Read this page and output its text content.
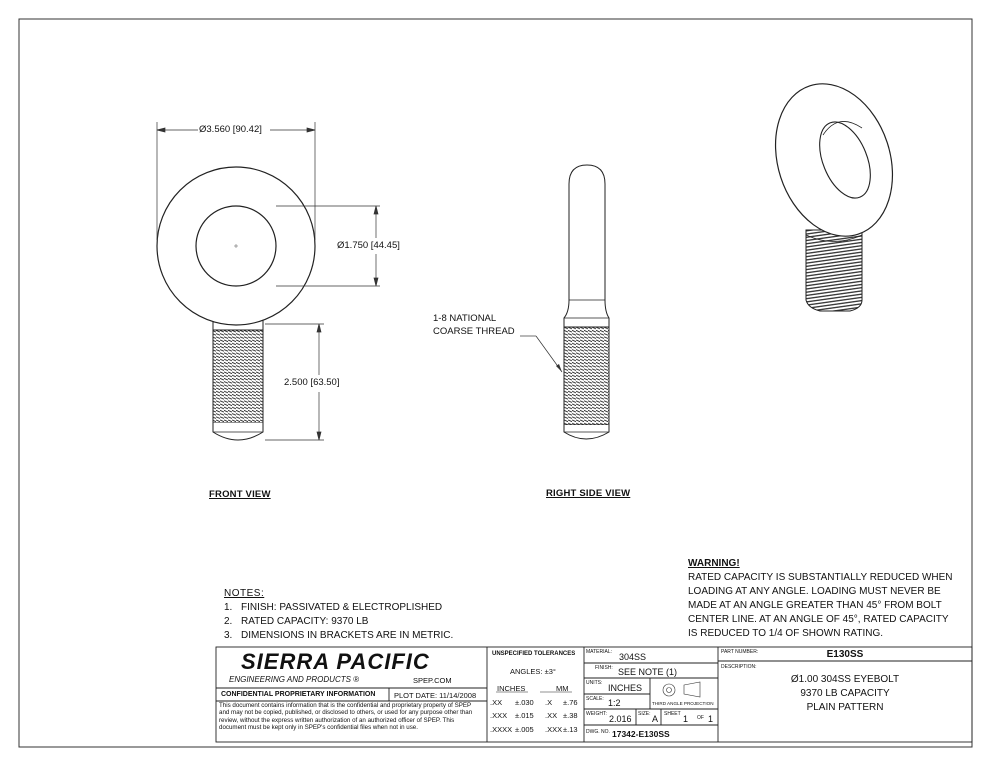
Ø3.560 [90.42]
Ø1.750 [44.45]
2.500 [63.50]
FRONT VIEW
1-8 NATIONAL
COARSE THREAD
RIGHT SIDE VIEW
NOTES:
1. FINISH: PASSIVATED & ELECTROPLISHED
2. RATED CAPACITY: 9370 LB
3. DIMENSIONS IN BRACKETS ARE IN METRIC.
WARNING!
RATED CAPACITY IS SUBSTANTIALLY REDUCED WHEN
LOADING AT ANY ANGLE. LOADING MUST NEVER BE
MADE AT AN ANGLE GREATER THAN 45° FROM BOLT
CENTER LINE. AT AN ANGLE OF 45°, RATED CAPACITY
IS REDUCED TO 1/4 OF SHOWN RATING.
SIERRA PACIFIC
ENGINEERING AND PRODUCTS ®	SPEP.COM
CONFIDENTIAL PROPRIETARY INFORMATION PLOT DATE: 11/14/2008
This document contains information that is the confidential and proprietary property of SPEP and may not be copied, published, or disclosed to others, or used for any purpose other than review, without the express written authorization of an authorized officer of SPEP. This document must be kept only in SPEP's confidential files when not in use.
UNSPECIFIED TOLERANCES
ANGLES: ±3°
INCHES	MM
.XX ±.030 .X ±.76
.XXX ±.015 .XX ±.38
.XXXX ±.005 .XXX ±.13
MATERIAL: 304SS
FINISH: SEE NOTE (1)
UNITS: INCHES
SCALE: 1:2	THIRD ANGLE PROJECTION
WEIGHT: 2.016 SIZE: A SHEET 1 OF 1
DWG. NO. 17342-E130SS
PART NUMBER:	E130SS
DESCRIPTION:
Ø1.00 304SS EYEBOLT
9370 LB CAPACITY
PLAIN PATTERN
